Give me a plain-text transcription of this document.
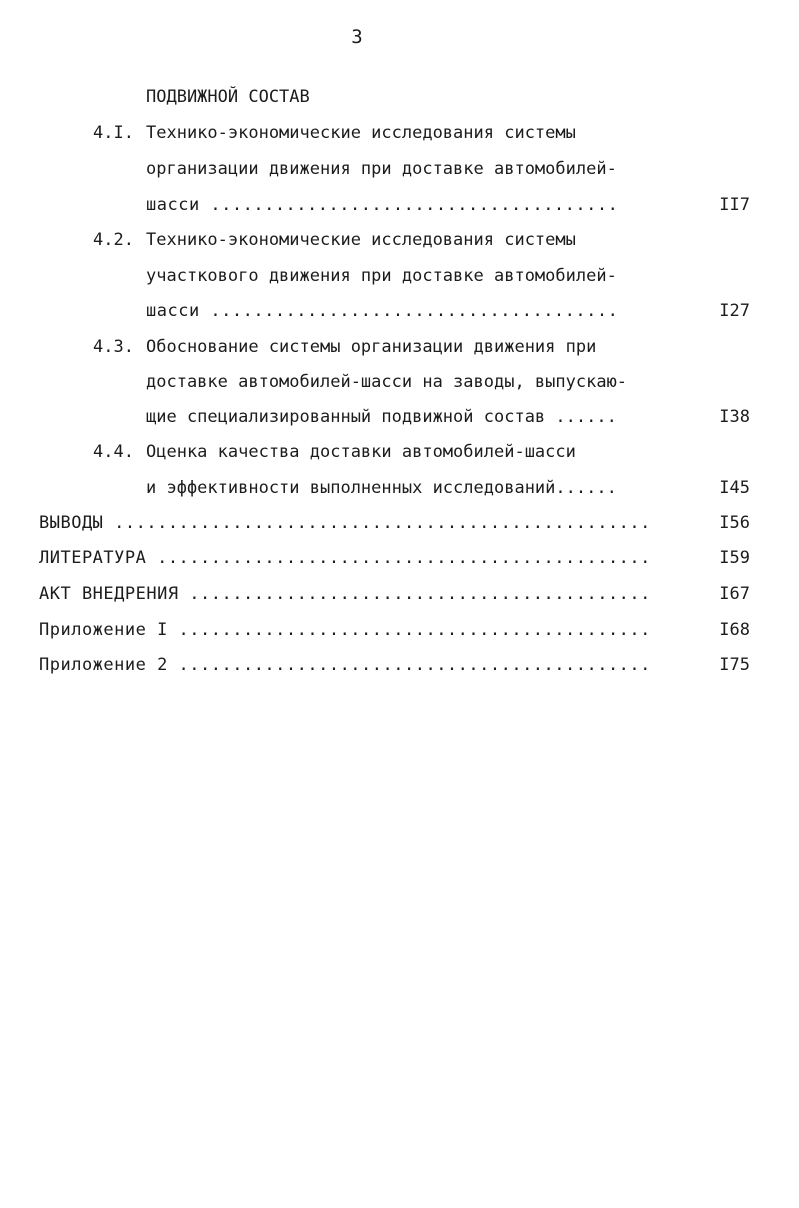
3
ПОДВИЖНОЙ СОСТАВ
4.I. Технико-экономические исследования системы
организации движения при доставке автомобилей-
шасси ......................................	II7
4.2. Технико-экономические исследования системы
участкового движения при доставке автомобилей-
шасси ......................................	I27
4.3. Обоснование системы организации движения при
доставке автомобилей-шасси на заводы, выпускаю-
щие специализированный подвижной состав ......	I38
4.4. Оценка качества доставки автомобилей-шасси
и эффективности выполненных исследований......	I45
ВЫВОДЫ ..................................................	I56
ЛИТЕРАТУРА ..............................................	I59
АКТ ВНЕДРЕНИЯ ...........................................	I67
Приложение I ............................................	I68
Приложение 2 ............................................	I75
